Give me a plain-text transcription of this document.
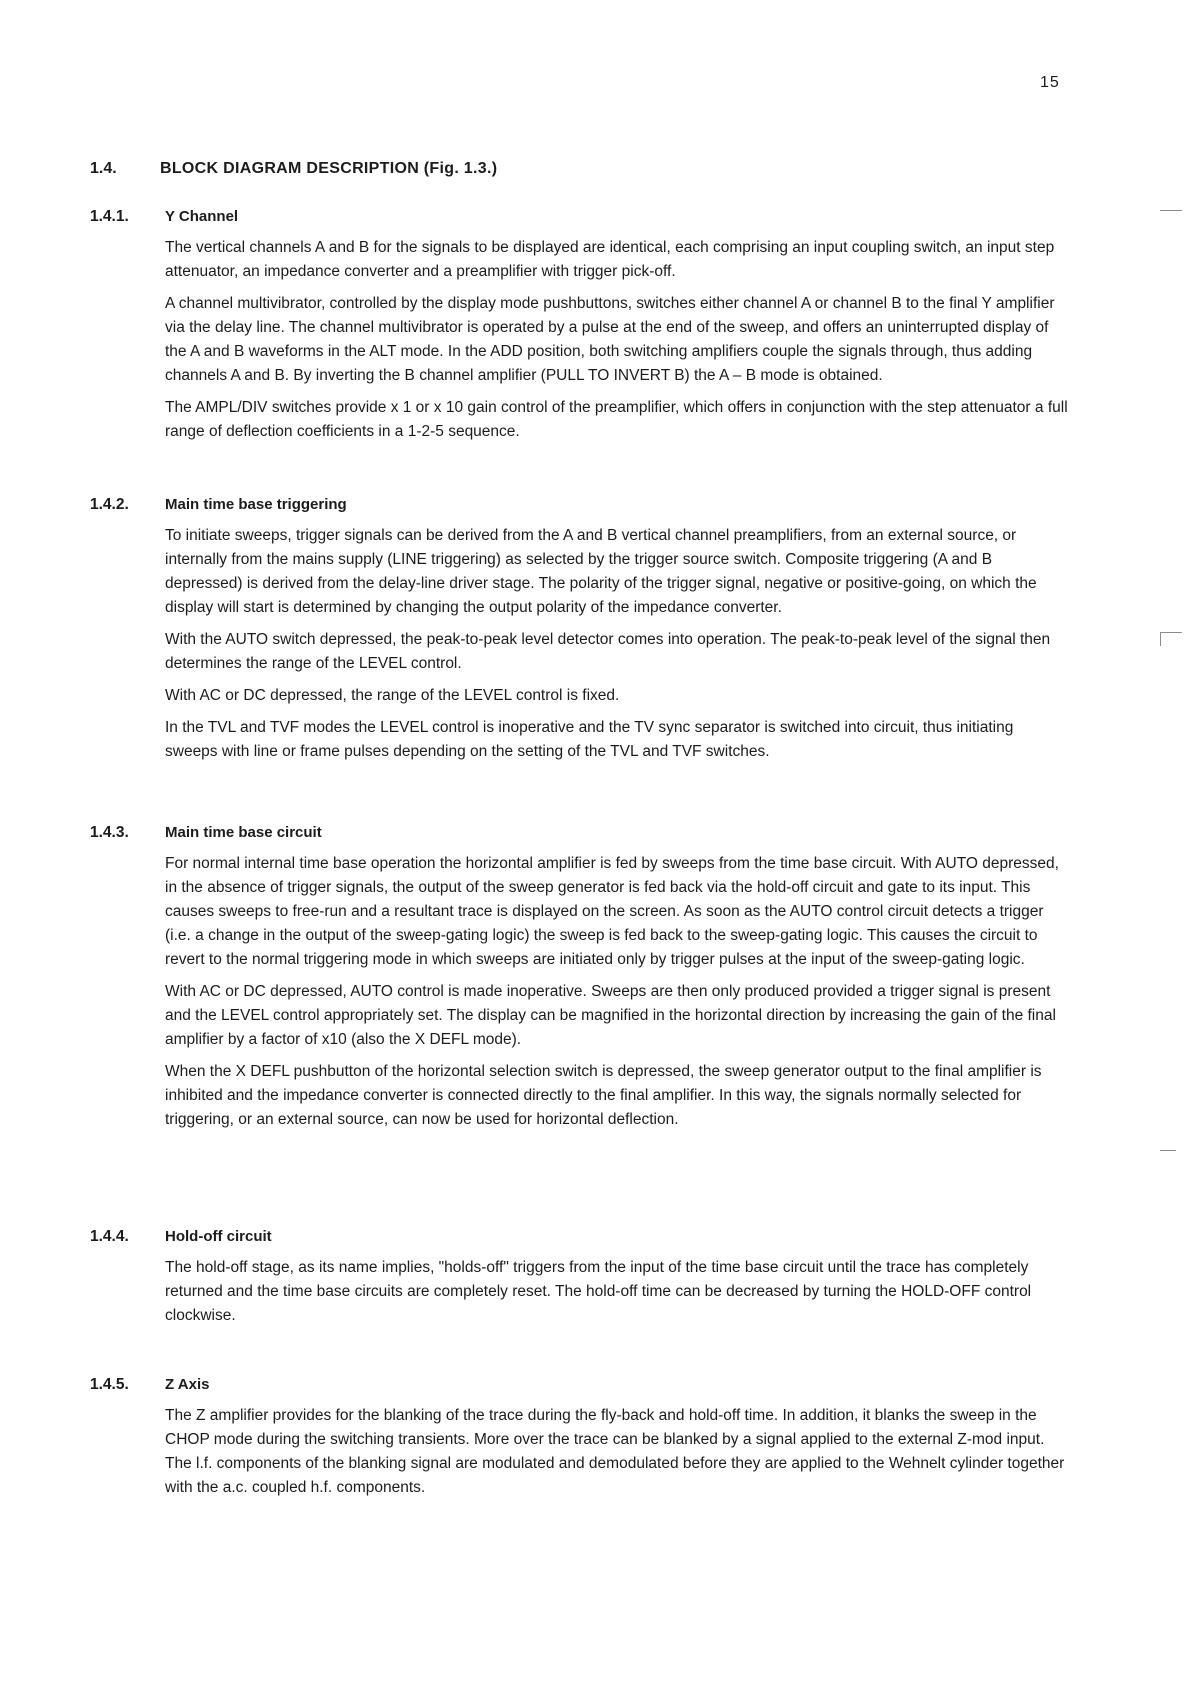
15
1.4.	BLOCK DIAGRAM DESCRIPTION (Fig. 1.3.)
1.4.1.	Y Channel

The vertical channels A and B for the signals to be displayed are identical, each comprising an input coupling switch, an input step attenuator, an impedance converter and a preamplifier with trigger pick-off.

A channel multivibrator, controlled by the display mode pushbuttons, switches either channel A or channel B to the final Y amplifier via the delay line. The channel multivibrator is operated by a pulse at the end of the sweep, and offers an uninterrupted display of the A and B waveforms in the ALT mode. In the ADD position, both switching amplifiers couple the signals through, thus adding channels A and B. By inverting the B channel amplifier (PULL TO INVERT B) the A – B mode is obtained.

The AMPL/DIV switches provide x 1 or x 10 gain control of the preamplifier, which offers in conjunction with the step attenuator a full range of deflection coefficients in a 1-2-5 sequence.

1.4.2.	Main time base triggering

To initiate sweeps, trigger signals can be derived from the A and B vertical channel preamplifiers, from an external source, or internally from the mains supply (LINE triggering) as selected by the trigger source switch. Composite triggering (A and B depressed) is derived from the delay-line driver stage. The polarity of the trigger signal, negative or positive-going, on which the display will start is determined by changing the output polarity of the impedance converter.

With the AUTO switch depressed, the peak-to-peak level detector comes into operation. The peak-to-peak level of the signal then determines the range of the LEVEL control.

With AC or DC depressed, the range of the LEVEL control is fixed.

In the TVL and TVF modes the LEVEL control is inoperative and the TV sync separator is switched into circuit, thus initiating sweeps with line or frame pulses depending on the setting of the TVL and TVF switches.

1.4.3.	Main time base circuit

For normal internal time base operation the horizontal amplifier is fed by sweeps from the time base circuit. With AUTO depressed, in the absence of trigger signals, the output of the sweep generator is fed back via the hold-off circuit and gate to its input. This causes sweeps to free-run and a resultant trace is displayed on the screen. As soon as the AUTO control circuit detects a trigger (i.e. a change in the output of the sweep-gating logic) the sweep is fed back to the sweep-gating logic. This causes the circuit to revert to the normal triggering mode in which sweeps are initiated only by trigger pulses at the input of the sweep-gating logic.

With AC or DC depressed, AUTO control is made inoperative. Sweeps are then only produced provided a trigger signal is present and the LEVEL control appropriately set. The display can be magnified in the horizontal direction by increasing the gain of the final amplifier by a factor of x10 (also the X DEFL mode).

When the X DEFL pushbutton of the horizontal selection switch is depressed, the sweep generator output to the final amplifier is inhibited and the impedance converter is connected directly to the final amplifier. In this way, the signals normally selected for triggering, or an external source, can now be used for horizontal deflection.

1.4.4.	Hold-off circuit

The hold-off stage, as its name implies, "holds-off" triggers from the input of the time base circuit until the trace has completely returned and the time base circuits are completely reset. The hold-off time can be decreased by turning the HOLD-OFF control clockwise.

1.4.5.	Z Axis

The Z amplifier provides for the blanking of the trace during the fly-back and hold-off time. In addition, it blanks the sweep in the CHOP mode during the switching transients. More over the trace can be blanked by a signal applied to the external Z-mod input. The l.f. components of the blanking signal are modulated and demodulated before they are applied to the Wehnelt cylinder together with the a.c. coupled h.f. components.
